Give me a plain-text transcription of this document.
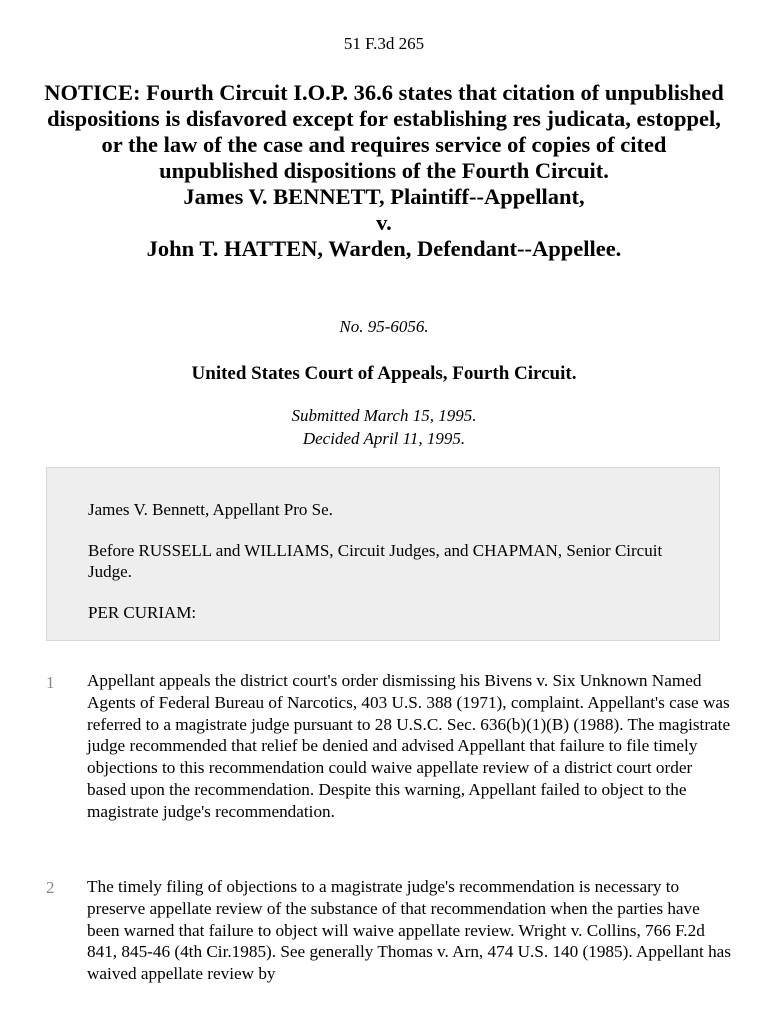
51 F.3d 265
NOTICE: Fourth Circuit I.O.P. 36.6 states that citation of unpublished dispositions is disfavored except for establishing res judicata, estoppel, or the law of the case and requires service of copies of cited unpublished dispositions of the Fourth Circuit.
James V. BENNETT, Plaintiff--Appellant,
v.
John T. HATTEN, Warden, Defendant--Appellee.
No. 95-6056.
United States Court of Appeals, Fourth Circuit.
Submitted March 15, 1995.
Decided April 11, 1995.

James V. Bennett, Appellant Pro Se.

Before RUSSELL and WILLIAMS, Circuit Judges, and CHAPMAN, Senior Circuit Judge.

PER CURIAM:

1 Appellant appeals the district court's order dismissing his Bivens v. Six Unknown Named Agents of Federal Bureau of Narcotics, 403 U.S. 388 (1971), complaint. Appellant's case was referred to a magistrate judge pursuant to 28 U.S.C. Sec. 636(b)(1)(B) (1988). The magistrate judge recommended that relief be denied and advised Appellant that failure to file timely objections to this recommendation could waive appellate review of a district court order based upon the recommendation. Despite this warning, Appellant failed to object to the magistrate judge's recommendation.

2 The timely filing of objections to a magistrate judge's recommendation is necessary to preserve appellate review of the substance of that recommendation when the parties have been warned that failure to object will waive appellate review. Wright v. Collins, 766 F.2d 841, 845-46 (4th Cir.1985). See generally Thomas v. Arn, 474 U.S. 140 (1985). Appellant has waived appellate review by
